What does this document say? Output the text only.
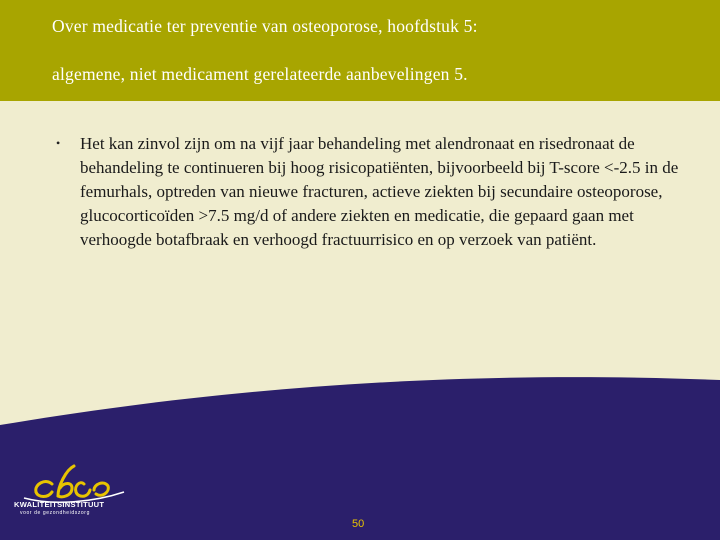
Over medicatie ter preventie van osteoporose, hoofdstuk 5:
algemene, niet medicament gerelateerde aanbevelingen 5.
• Het kan zinvol zijn om na vijf jaar behandeling met alendronaat en risedronaat de behandeling te continueren bij hoog risicopatiënten, bijvoorbeeld bij T-score <-2.5 in de femurhals, optreden van nieuwe fracturen, actieve ziekten bij secundaire osteoporose, glucocorticoïden >7.5 mg/d of andere ziekten en medicatie, die gepaard gaan met verhoogde botafbraak en verhoogd fractuurrisico en op verzoek van patiënt.
KWALITEITSINSTITUUT
voor de gezondheidszorg
50
